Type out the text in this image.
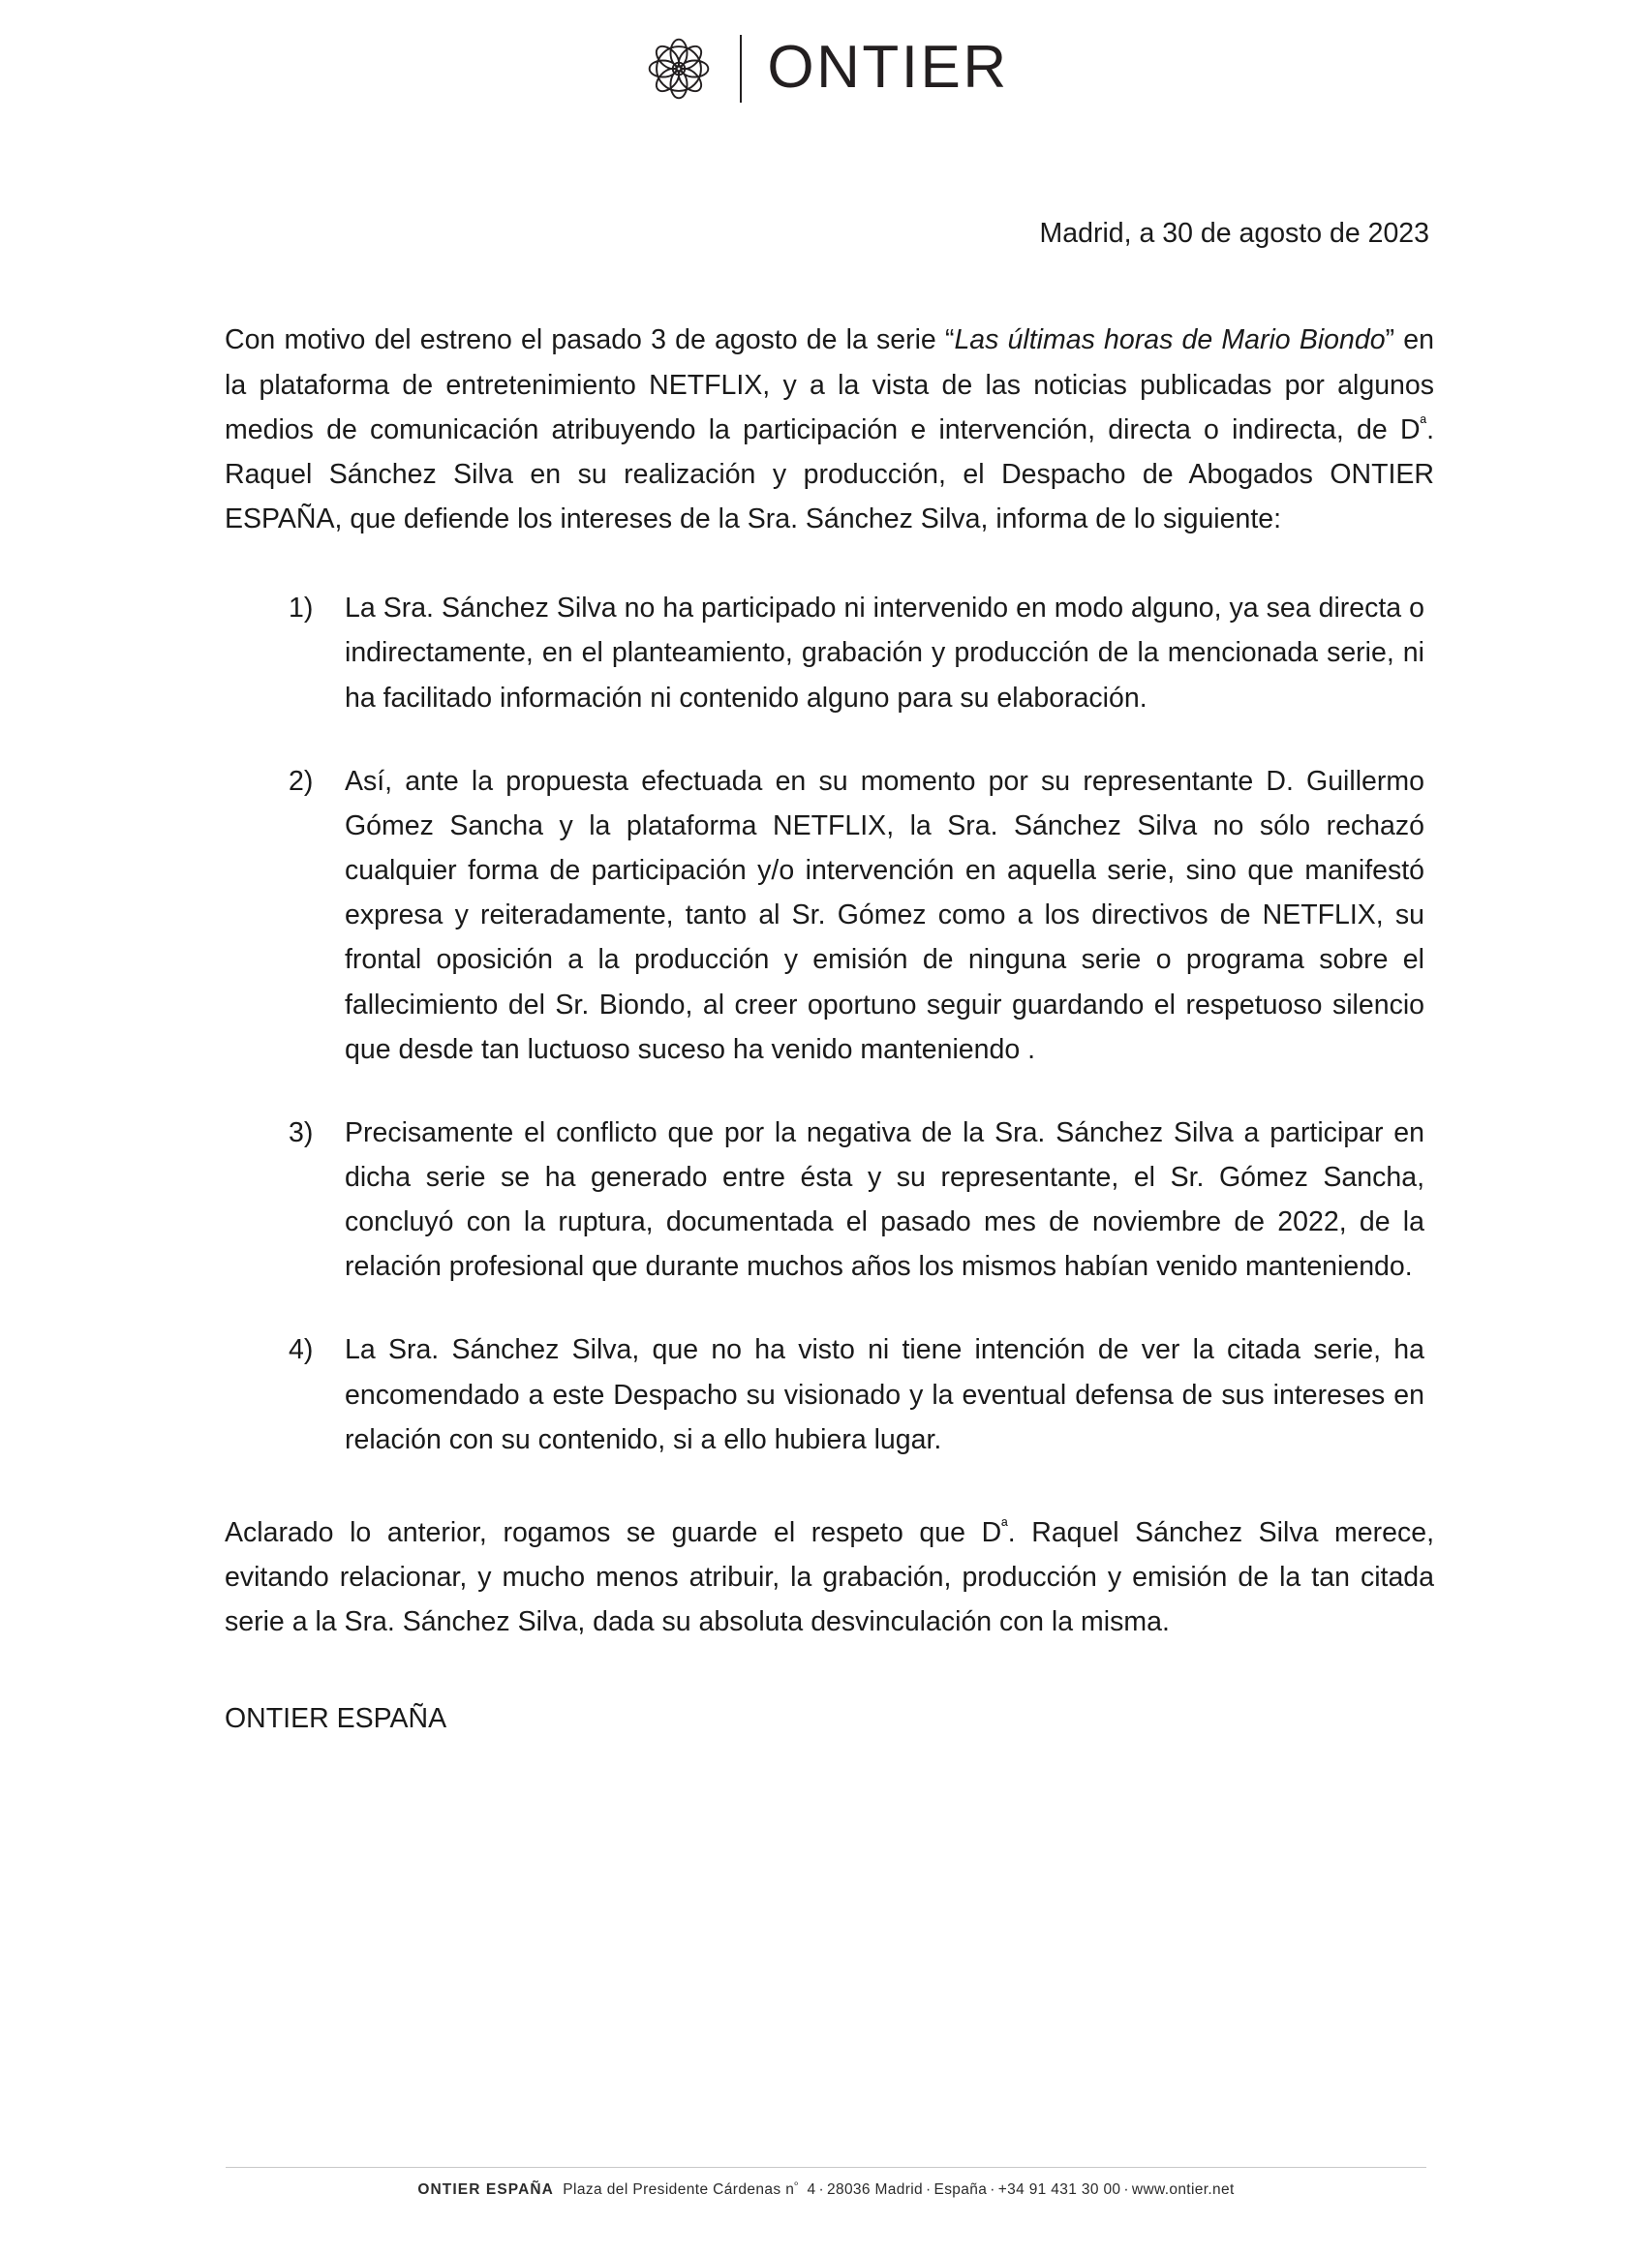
ONTIER
Madrid, a 30 de agosto de 2023

Con motivo del estreno el pasado 3 de agosto de la serie “Las últimas horas de Mario Biondo” en la plataforma de entretenimiento NETFLIX, y a la vista de las noticias publicadas por algunos medios de comunicación atribuyendo la participación e intervención, directa o indirecta, de $D^ª$. Raquel Sánchez Silva en su realización y producción, el Despacho de Abogados ONTIER ESPAÑA, que defiende los intereses de la Sra. Sánchez Silva, informa de lo siguiente:

1) La Sra. Sánchez Silva no ha participado ni intervenido en modo alguno, ya sea directa o indirectamente, en el planteamiento, grabación y producción de la mencionada serie, ni ha facilitado información ni contenido alguno para su elaboración.
2) Así, ante la propuesta efectuada en su momento por su representante D. Guillermo Gómez Sancha y la plataforma NETFLIX, la Sra. Sánchez Silva no sólo rechazó cualquier forma de participación y/o intervención en aquella serie, sino que manifestó expresa y reiteradamente, tanto al Sr. Gómez como a los directivos de NETFLIX, su frontal oposición a la producción y emisión de ninguna serie o programa sobre el fallecimiento del Sr. Biondo, al creer oportuno seguir guardando el respetuoso silencio que desde tan luctuoso suceso ha venido manteniendo .
3) Precisamente el conflicto que por la negativa de la Sra. Sánchez Silva a participar en dicha serie se ha generado entre ésta y su representante, el Sr. Gómez Sancha, concluyó con la ruptura, documentada el pasado mes de noviembre de 2022, de la relación profesional que durante muchos años los mismos habían venido manteniendo.
4) La Sra. Sánchez Silva, que no ha visto ni tiene intención de ver la citada serie, ha encomendado a este Despacho su visionado y la eventual defensa de sus intereses en relación con su contenido, si a ello hubiera lugar.

Aclarado lo anterior, rogamos se guarde el respeto que $D^ª$. Raquel Sánchez Silva merece, evitando relacionar, y mucho menos atribuir, la grabación, producción y emisión de la tan citada serie a la Sra. Sánchez Silva, dada su absoluta desvinculación con la misma.

ONTIER ESPAÑA
ONTIER ESPAÑA Plaza del Presidente Cárdenas $n^º$ 4 · 28036 Madrid · España · +34 91 431 30 00 · www.ontier.net
